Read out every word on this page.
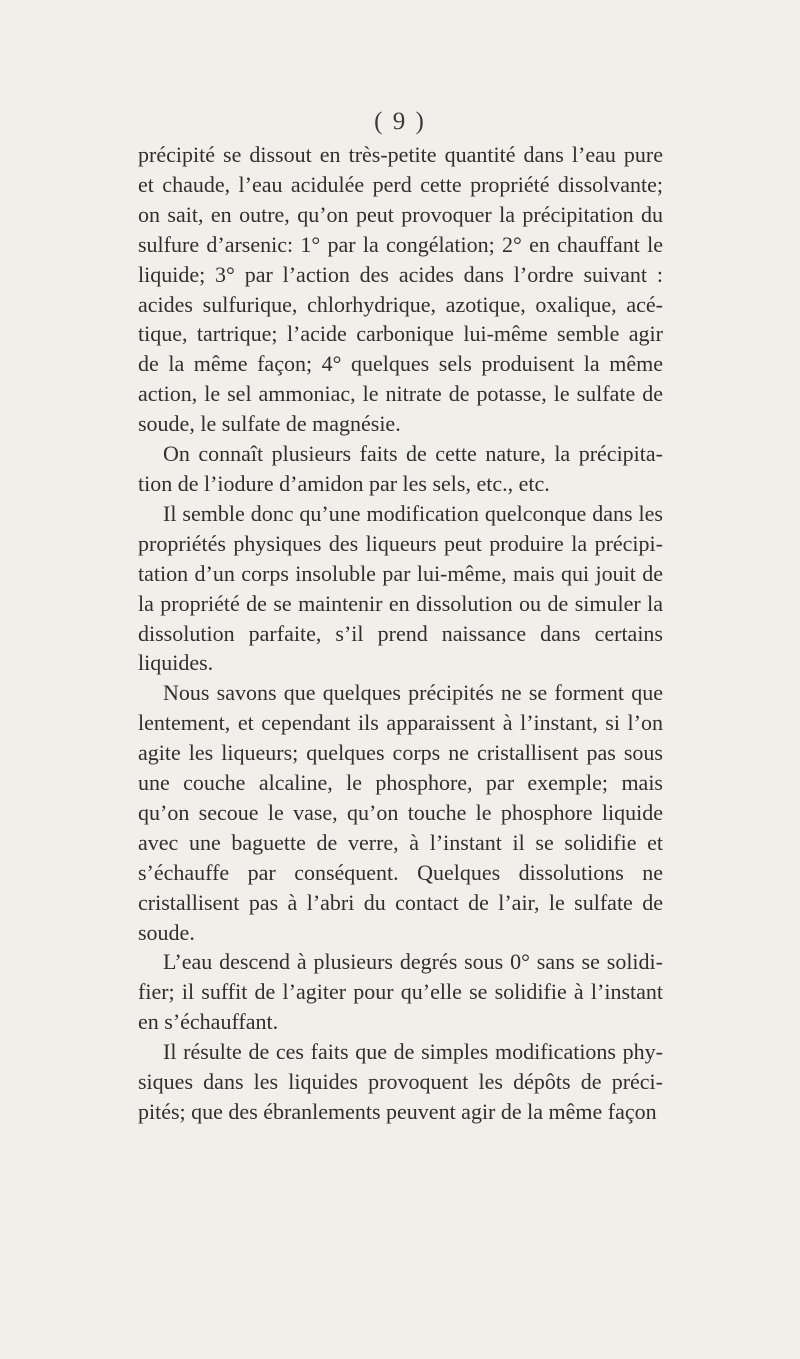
( 9 )

précipité se dissout en très-petite quantité dans l’eau pure et chaude, l’eau acidulée perd cette propriété dissolvante; on sait, en outre, qu’on peut provoquer la précipitation du sulfure d’arsenic: 1° par la congélation; 2° en chauffant le liquide; 3° par l’action des acides dans l’ordre suivant : acides sulfurique, chlorhydrique, azotique, oxalique, acétique, tartrique; l’acide carbonique lui-même semble agir de la même façon; 4° quelques sels produisent la même action, le sel ammoniac, le nitrate de potasse, le sulfate de soude, le sulfate de magnésie.

On connaît plusieurs faits de cette nature, la précipitation de l’iodure d’amidon par les sels, etc., etc.

Il semble donc qu’une modification quelconque dans les propriétés physiques des liqueurs peut produire la précipitation d’un corps insoluble par lui-même, mais qui jouit de la propriété de se maintenir en dissolution ou de simuler la dissolution parfaite, s’il prend naissance dans certains liquides.

Nous savons que quelques précipités ne se forment que lentement, et cependant ils apparaissent à l’instant, si l’on agite les liqueurs; quelques corps ne cristallisent pas sous une couche alcaline, le phosphore, par exemple; mais qu’on secoue le vase, qu’on touche le phosphore liquide avec une baguette de verre, à l’instant il se solidifie et s’échauffe par conséquent. Quelques dissolutions ne cristallisent pas à l’abri du contact de l’air, le sulfate de soude.

L’eau descend à plusieurs degrés sous 0° sans se solidifier; il suffit de l’agiter pour qu’elle se solidifie à l’instant en s’échauffant.

Il résulte de ces faits que de simples modifications physiques dans les liquides provoquent les dépôts de précipités; que des ébranlements peuvent agir de la même façon
